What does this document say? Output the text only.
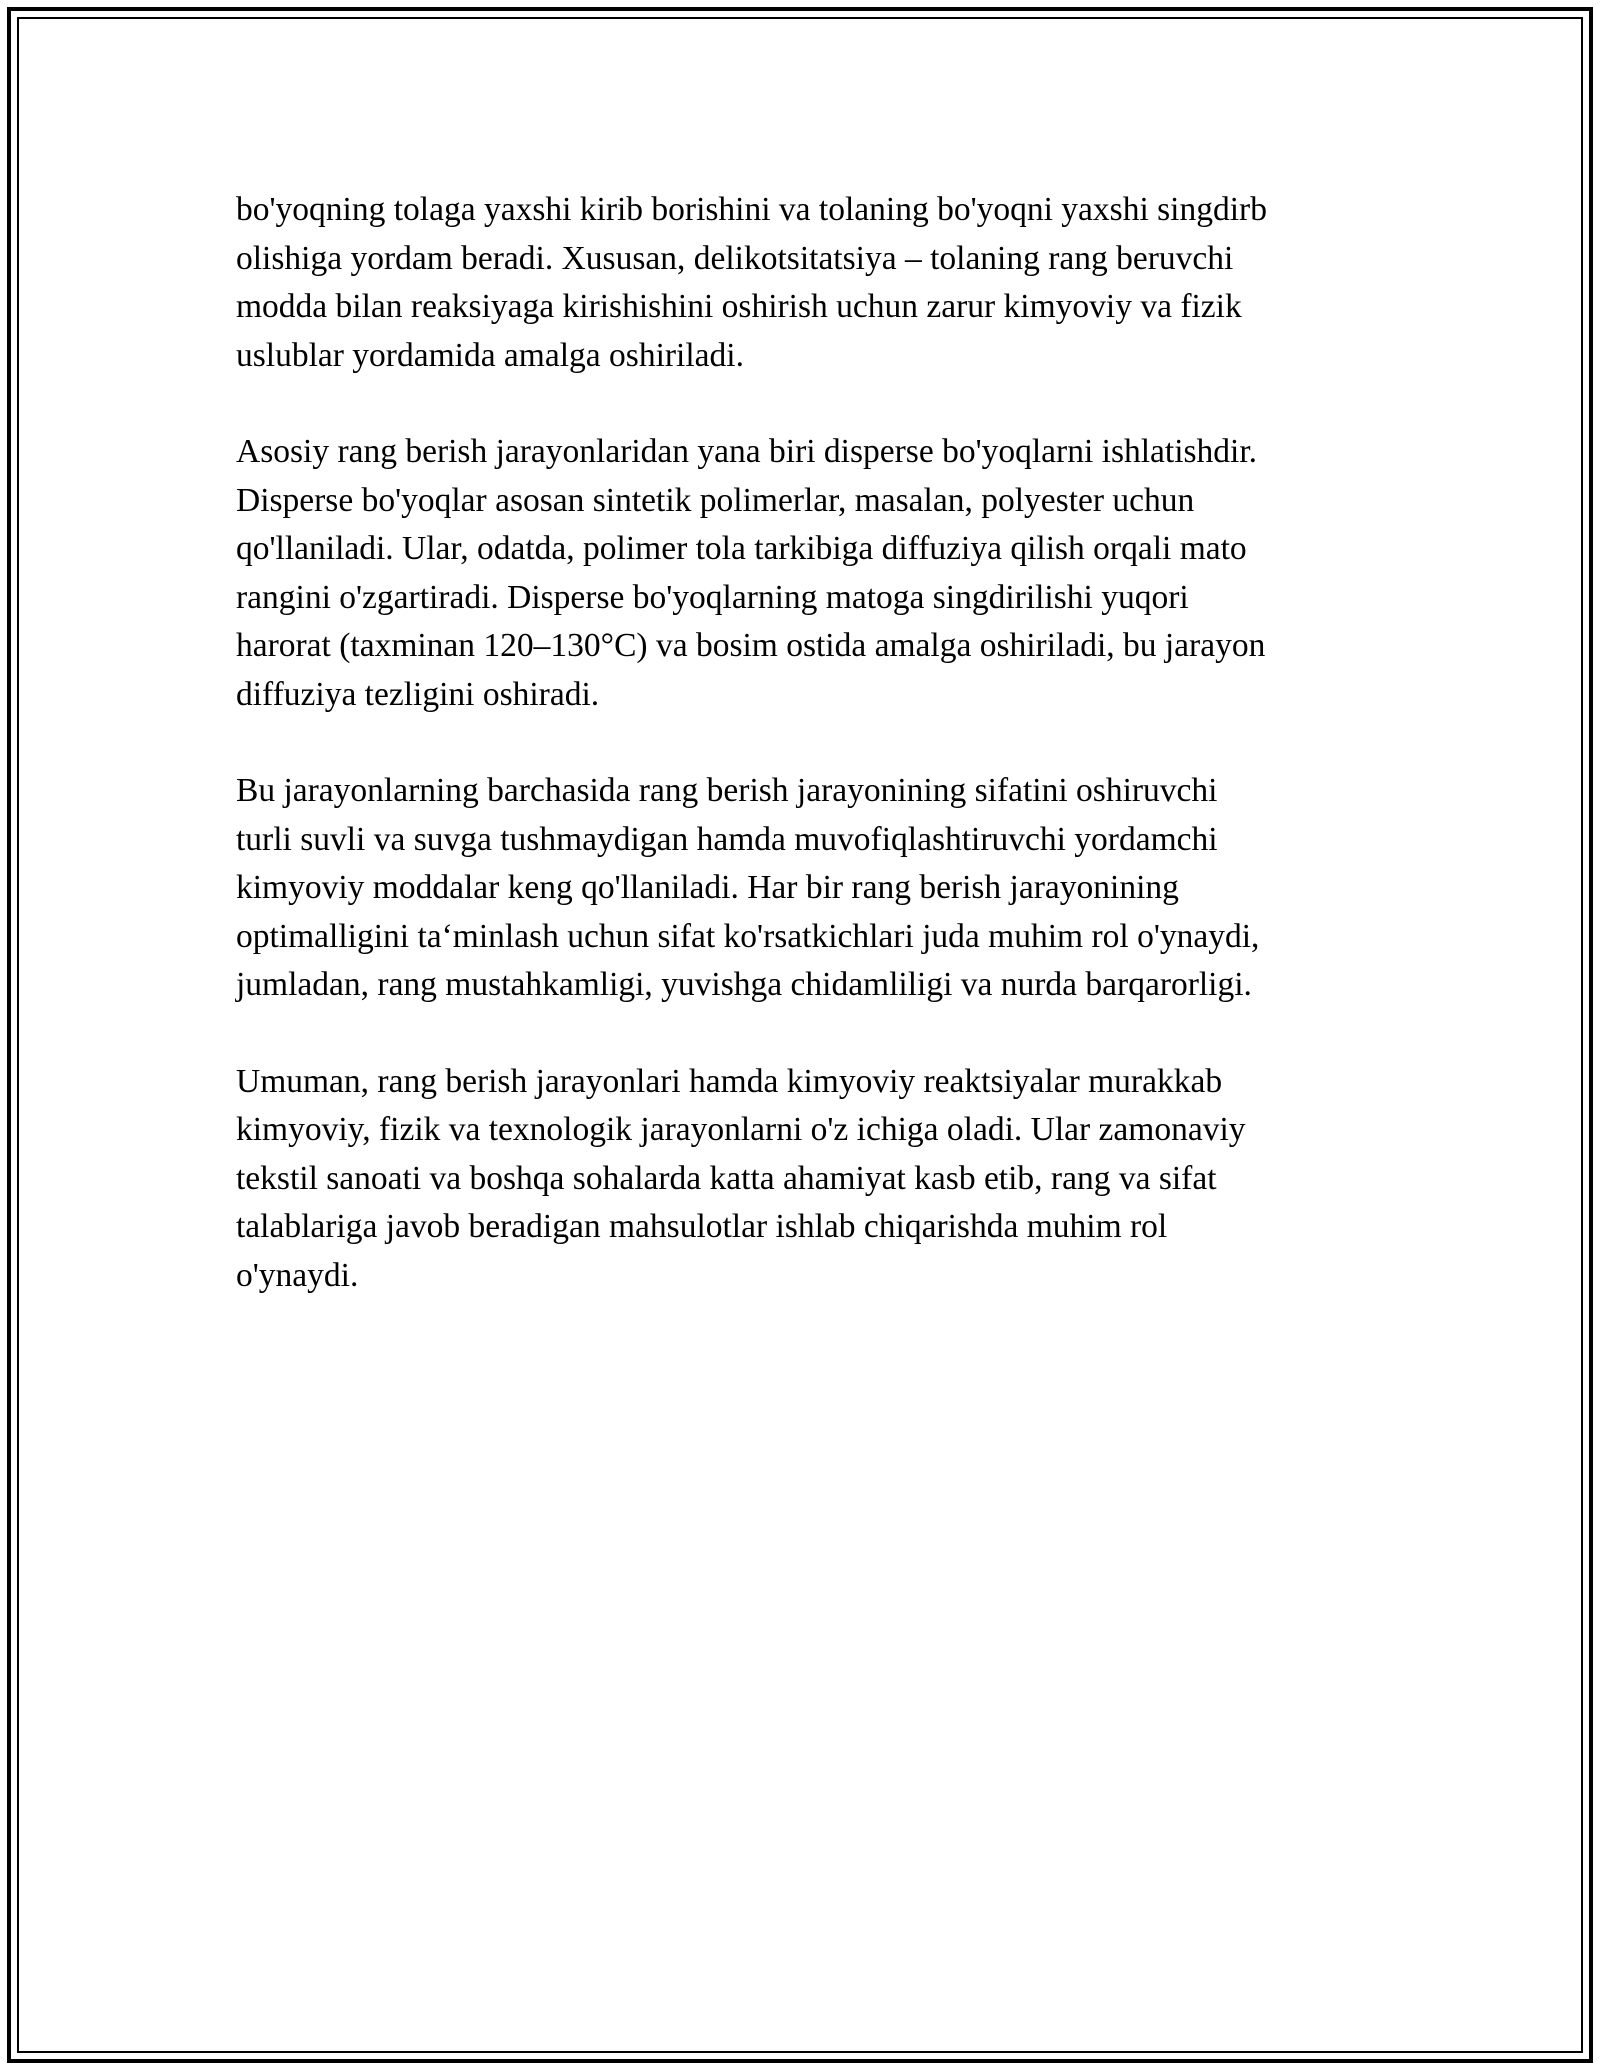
bo'yoqning tolaga yaxshi kirib borishini va tolaning bo'yoqni yaxshi singdirb
olishiga yordam beradi. Xususan, delikotsitatsiya – tolaning rang beruvchi
modda bilan reaksiyaga kirishishini oshirish uchun zarur kimyoviy va fizik
uslublar yordamida amalga oshiriladi.

Asosiy rang berish jarayonlaridan yana biri disperse bo'yoqlarni ishlatishdir.
Disperse bo'yoqlar asosan sintetik polimerlar, masalan, polyester uchun
qo'llaniladi. Ular, odatda, polimer tola tarkibiga diffuziya qilish orqali mato
rangini o'zgartiradi. Disperse bo'yoqlarning matoga singdirilishi yuqori
harorat (taxminan 120–130°C) va bosim ostida amalga oshiriladi, bu jarayon
diffuziya tezligini oshiradi.

Bu jarayonlarning barchasida rang berish jarayonining sifatini oshiruvchi
turli suvli va suvga tushmaydigan hamda muvofiqlashtiruvchi yordamchi
kimyoviy moddalar keng qo'llaniladi. Har bir rang berish jarayonining
optimalligini ta‘minlash uchun sifat ko'rsatkichlari juda muhim rol o'ynaydi,
jumladan, rang mustahkamligi, yuvishga chidamliligi va nurda barqarorligi.

Umuman, rang berish jarayonlari hamda kimyoviy reaktsiyalar murakkab
kimyoviy, fizik va texnologik jarayonlarni o'z ichiga oladi. Ular zamonaviy
tekstil sanoati va boshqa sohalarda katta ahamiyat kasb etib, rang va sifat
talablariga javob beradigan mahsulotlar ishlab chiqarishda muhim rol
o'ynaydi.
